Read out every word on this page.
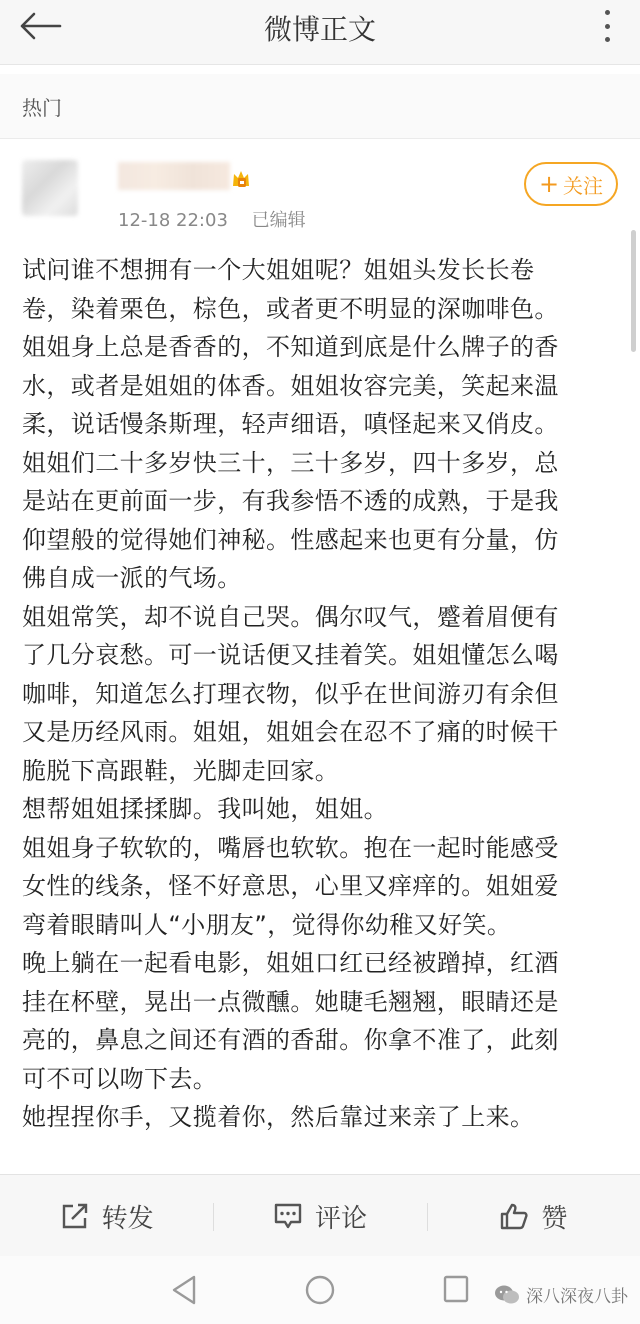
微博正文
热门
12-18 22:03 已编辑
+ 关注

试问谁不想拥有一个大姐姐呢？姐姐头发长长卷

卷，染着栗色，棕色，或者更不明显的深咖啡色。

姐姐身上总是香香的，不知道到底是什么牌子的香

水，或者是姐姐的体香。姐姐妆容完美，笑起来温

柔，说话慢条斯理，轻声细语，嗔怪起来又俏皮。

姐姐们二十多岁快三十，三十多岁，四十多岁，总

是站在更前面一步，有我参悟不透的成熟，于是我

仰望般的觉得她们神秘。性感起来也更有分量，仿

佛自成一派的气场。

姐姐常笑，却不说自己哭。偶尔叹气，蹙着眉便有

了几分哀愁。可一说话便又挂着笑。姐姐懂怎么喝

咖啡，知道怎么打理衣物，似乎在世间游刃有余但

又是历经风雨。姐姐，姐姐会在忍不了痛的时候干

脆脱下高跟鞋，光脚走回家。

想帮姐姐揉揉脚。我叫她，姐姐。

姐姐身子软软的，嘴唇也软软。抱在一起时能感受

女性的线条，怪不好意思，心里又痒痒的。姐姐爱

弯着眼睛叫人“小朋友”，觉得你幼稚又好笑。

晚上躺在一起看电影，姐姐口红已经被蹭掉，红酒

挂在杯壁，晃出一点微醺。她睫毛翘翘，眼睛还是

亮的，鼻息之间还有酒的香甜。你拿不准了，此刻

可不可以吻下去。

她捏捏你手，又揽着你，然后靠过来亲了上来。

转发	评论	赞
深八深夜八卦
